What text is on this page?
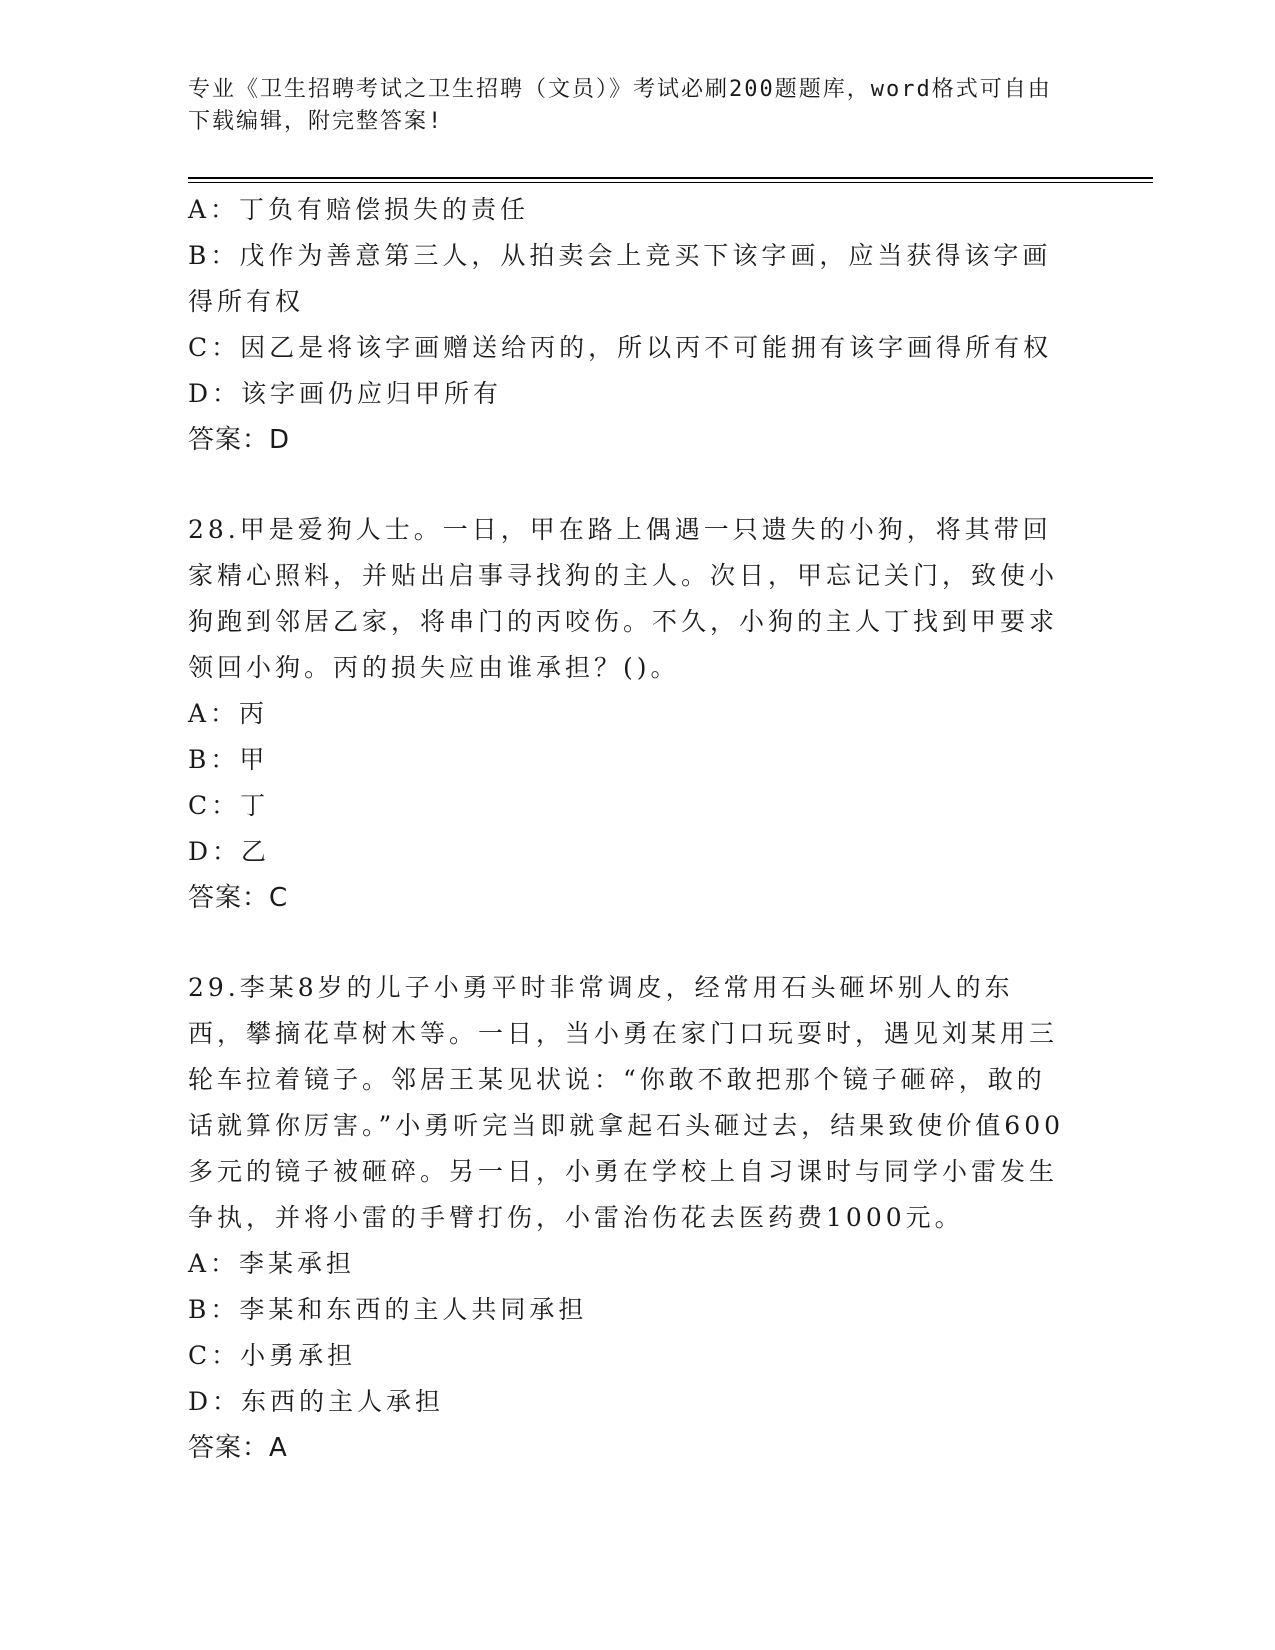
专业《卫生招聘考试之卫生招聘（文员）》考试必刷200题题库，word格式可自由下载编辑，附完整答案!
A：丁负有赔偿损失的责任
B：戊作为善意第三人，从拍卖会上竞买下该字画，应当获得该字画得所有权
C：因乙是将该字画赠送给丙的，所以丙不可能拥有该字画得所有权
D：该字画仍应归甲所有
答案：D
28.甲是爱狗人士。一日，甲在路上偶遇一只遗失的小狗，将其带回家精心照料，并贴出启事寻找狗的主人。次日，甲忘记关门，致使小狗跑到邻居乙家，将串门的丙咬伤。不久，小狗的主人丁找到甲要求领回小狗。丙的损失应由谁承担？()。
A：丙
B：甲
C：丁
D：乙
答案：C
29.李某8岁的儿子小勇平时非常调皮，经常用石头砸坏别人的东西，攀摘花草树木等。一日，当小勇在家门口玩耍时，遇见刘某用三轮车拉着镜子。邻居王某见状说：“你敢不敢把那个镜子砸碎，敢的话就算你厉害。”小勇听完当即就拿起石头砸过去，结果致使价值600多元的镜子被砸碎。另一日，小勇在学校上自习课时与同学小雷发生争执，并将小雷的手臂打伤，小雷治伤花去医药费1000元。
A：李某承担
B：李某和东西的主人共同承担
C：小勇承担
D：东西的主人承担
答案：A
